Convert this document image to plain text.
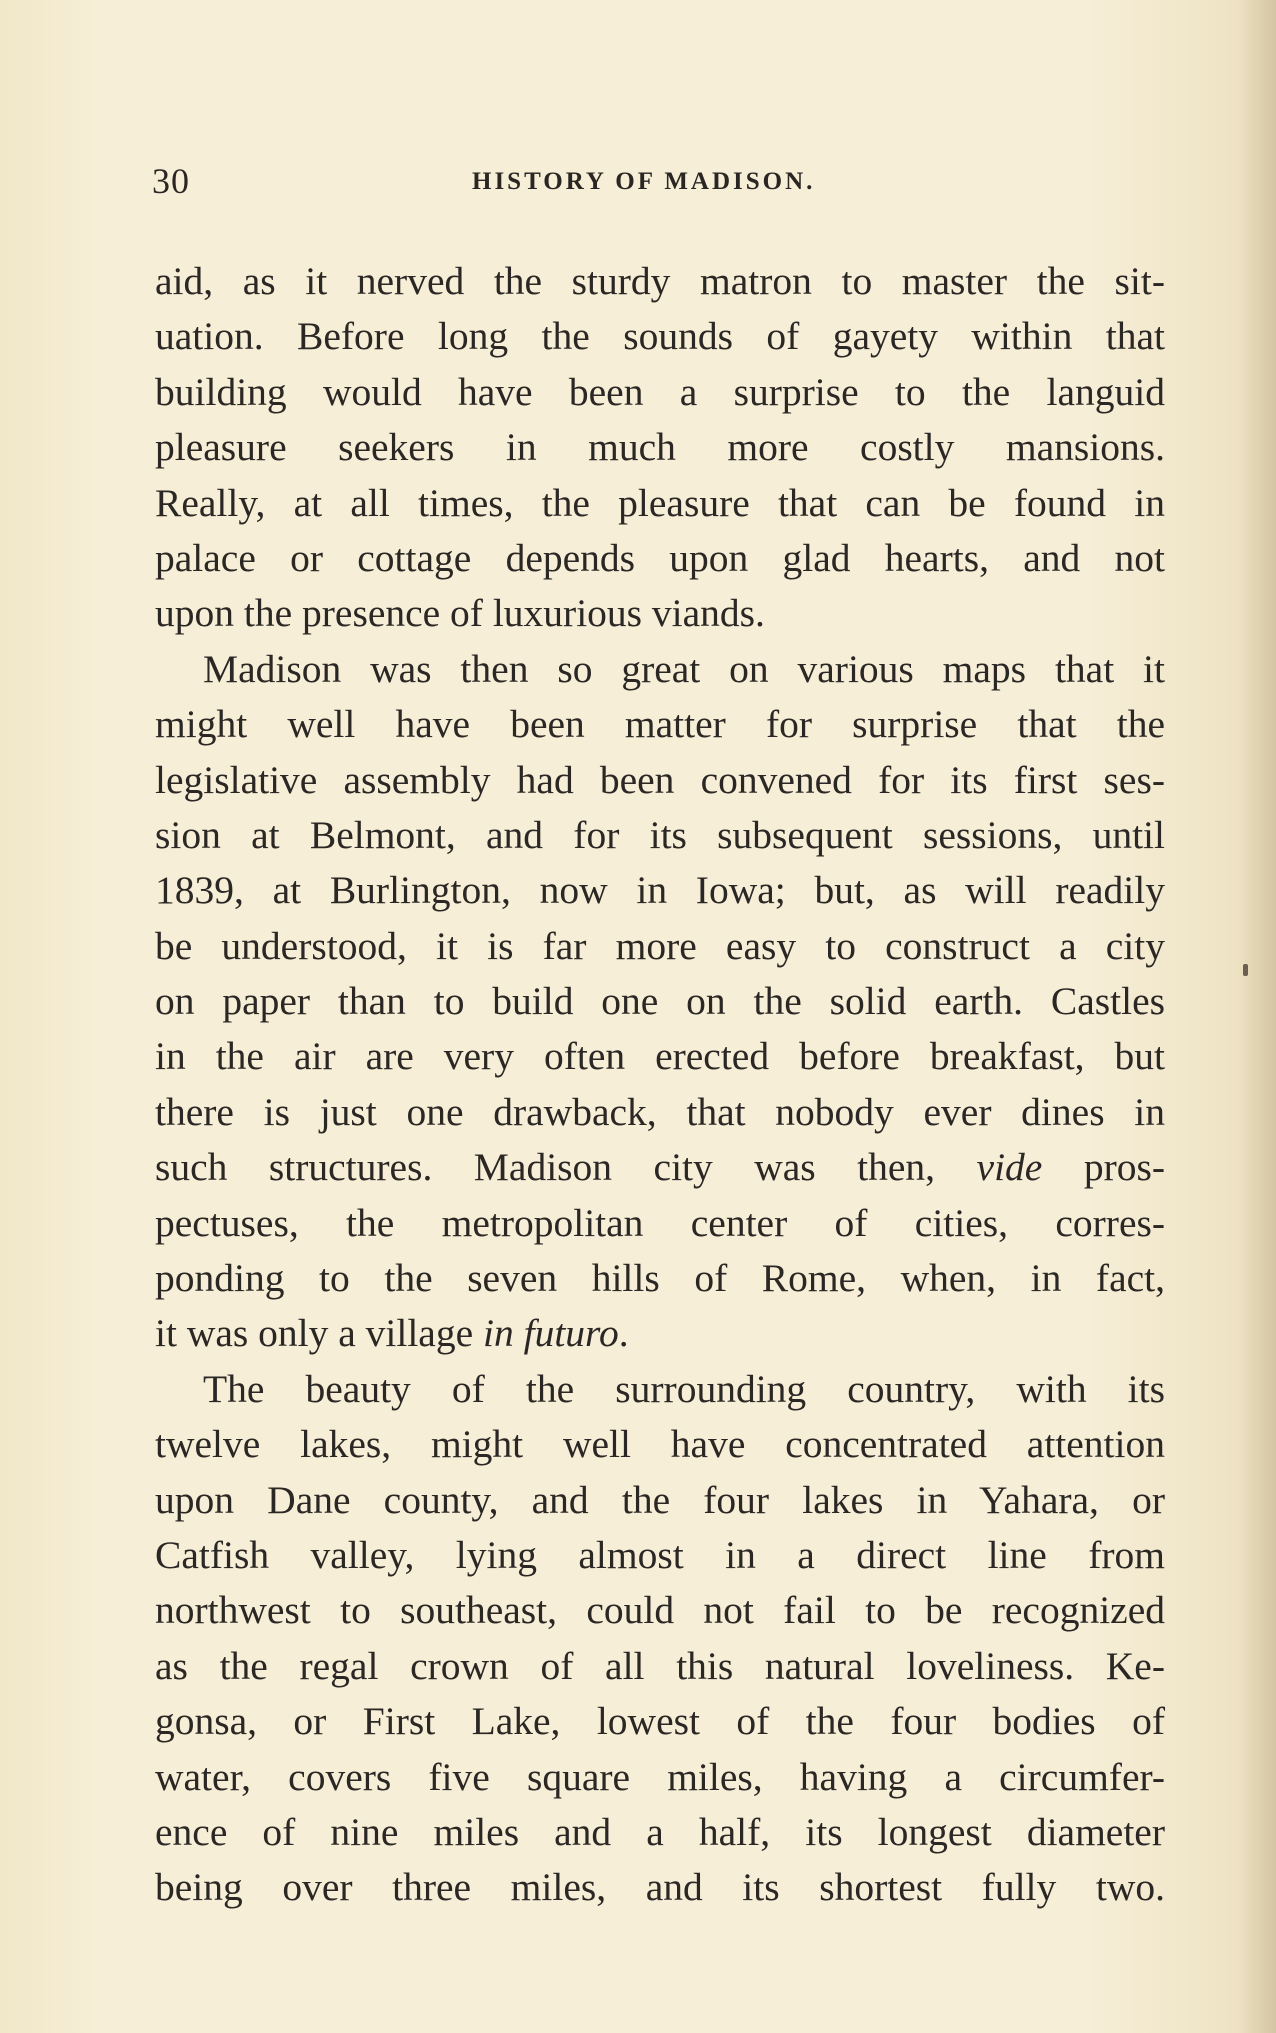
30	HISTORY OF MADISON.
aid, as it nerved the sturdy matron to master the sit-
uation. Before long the sounds of gayety within that
building would have been a surprise to the languid
pleasure seekers in much more costly mansions.
Really, at all times, the pleasure that can be found in
palace or cottage depends upon glad hearts, and not
upon the presence of luxurious viands.
Madison was then so great on various maps that it
might well have been matter for surprise that the
legislative assembly had been convened for its first ses-
sion at Belmont, and for its subsequent sessions, until
1839, at Burlington, now in Iowa; but, as will readily
be understood, it is far more easy to construct a city
on paper than to build one on the solid earth. Castles
in the air are very often erected before breakfast, but
there is just one drawback, that nobody ever dines in
such structures. Madison city was then, vide pros-
pectuses, the metropolitan center of cities, corres-
ponding to the seven hills of Rome, when, in fact,
it was only a village in futuro.
The beauty of the surrounding country, with its
twelve lakes, might well have concentrated attention
upon Dane county, and the four lakes in Yahara, or
Catfish valley, lying almost in a direct line from
northwest to southeast, could not fail to be recognized
as the regal crown of all this natural loveliness. Ke-
gonsa, or First Lake, lowest of the four bodies of
water, covers five square miles, having a circumfer-
ence of nine miles and a half, its longest diameter
being over three miles, and its shortest fully two.
